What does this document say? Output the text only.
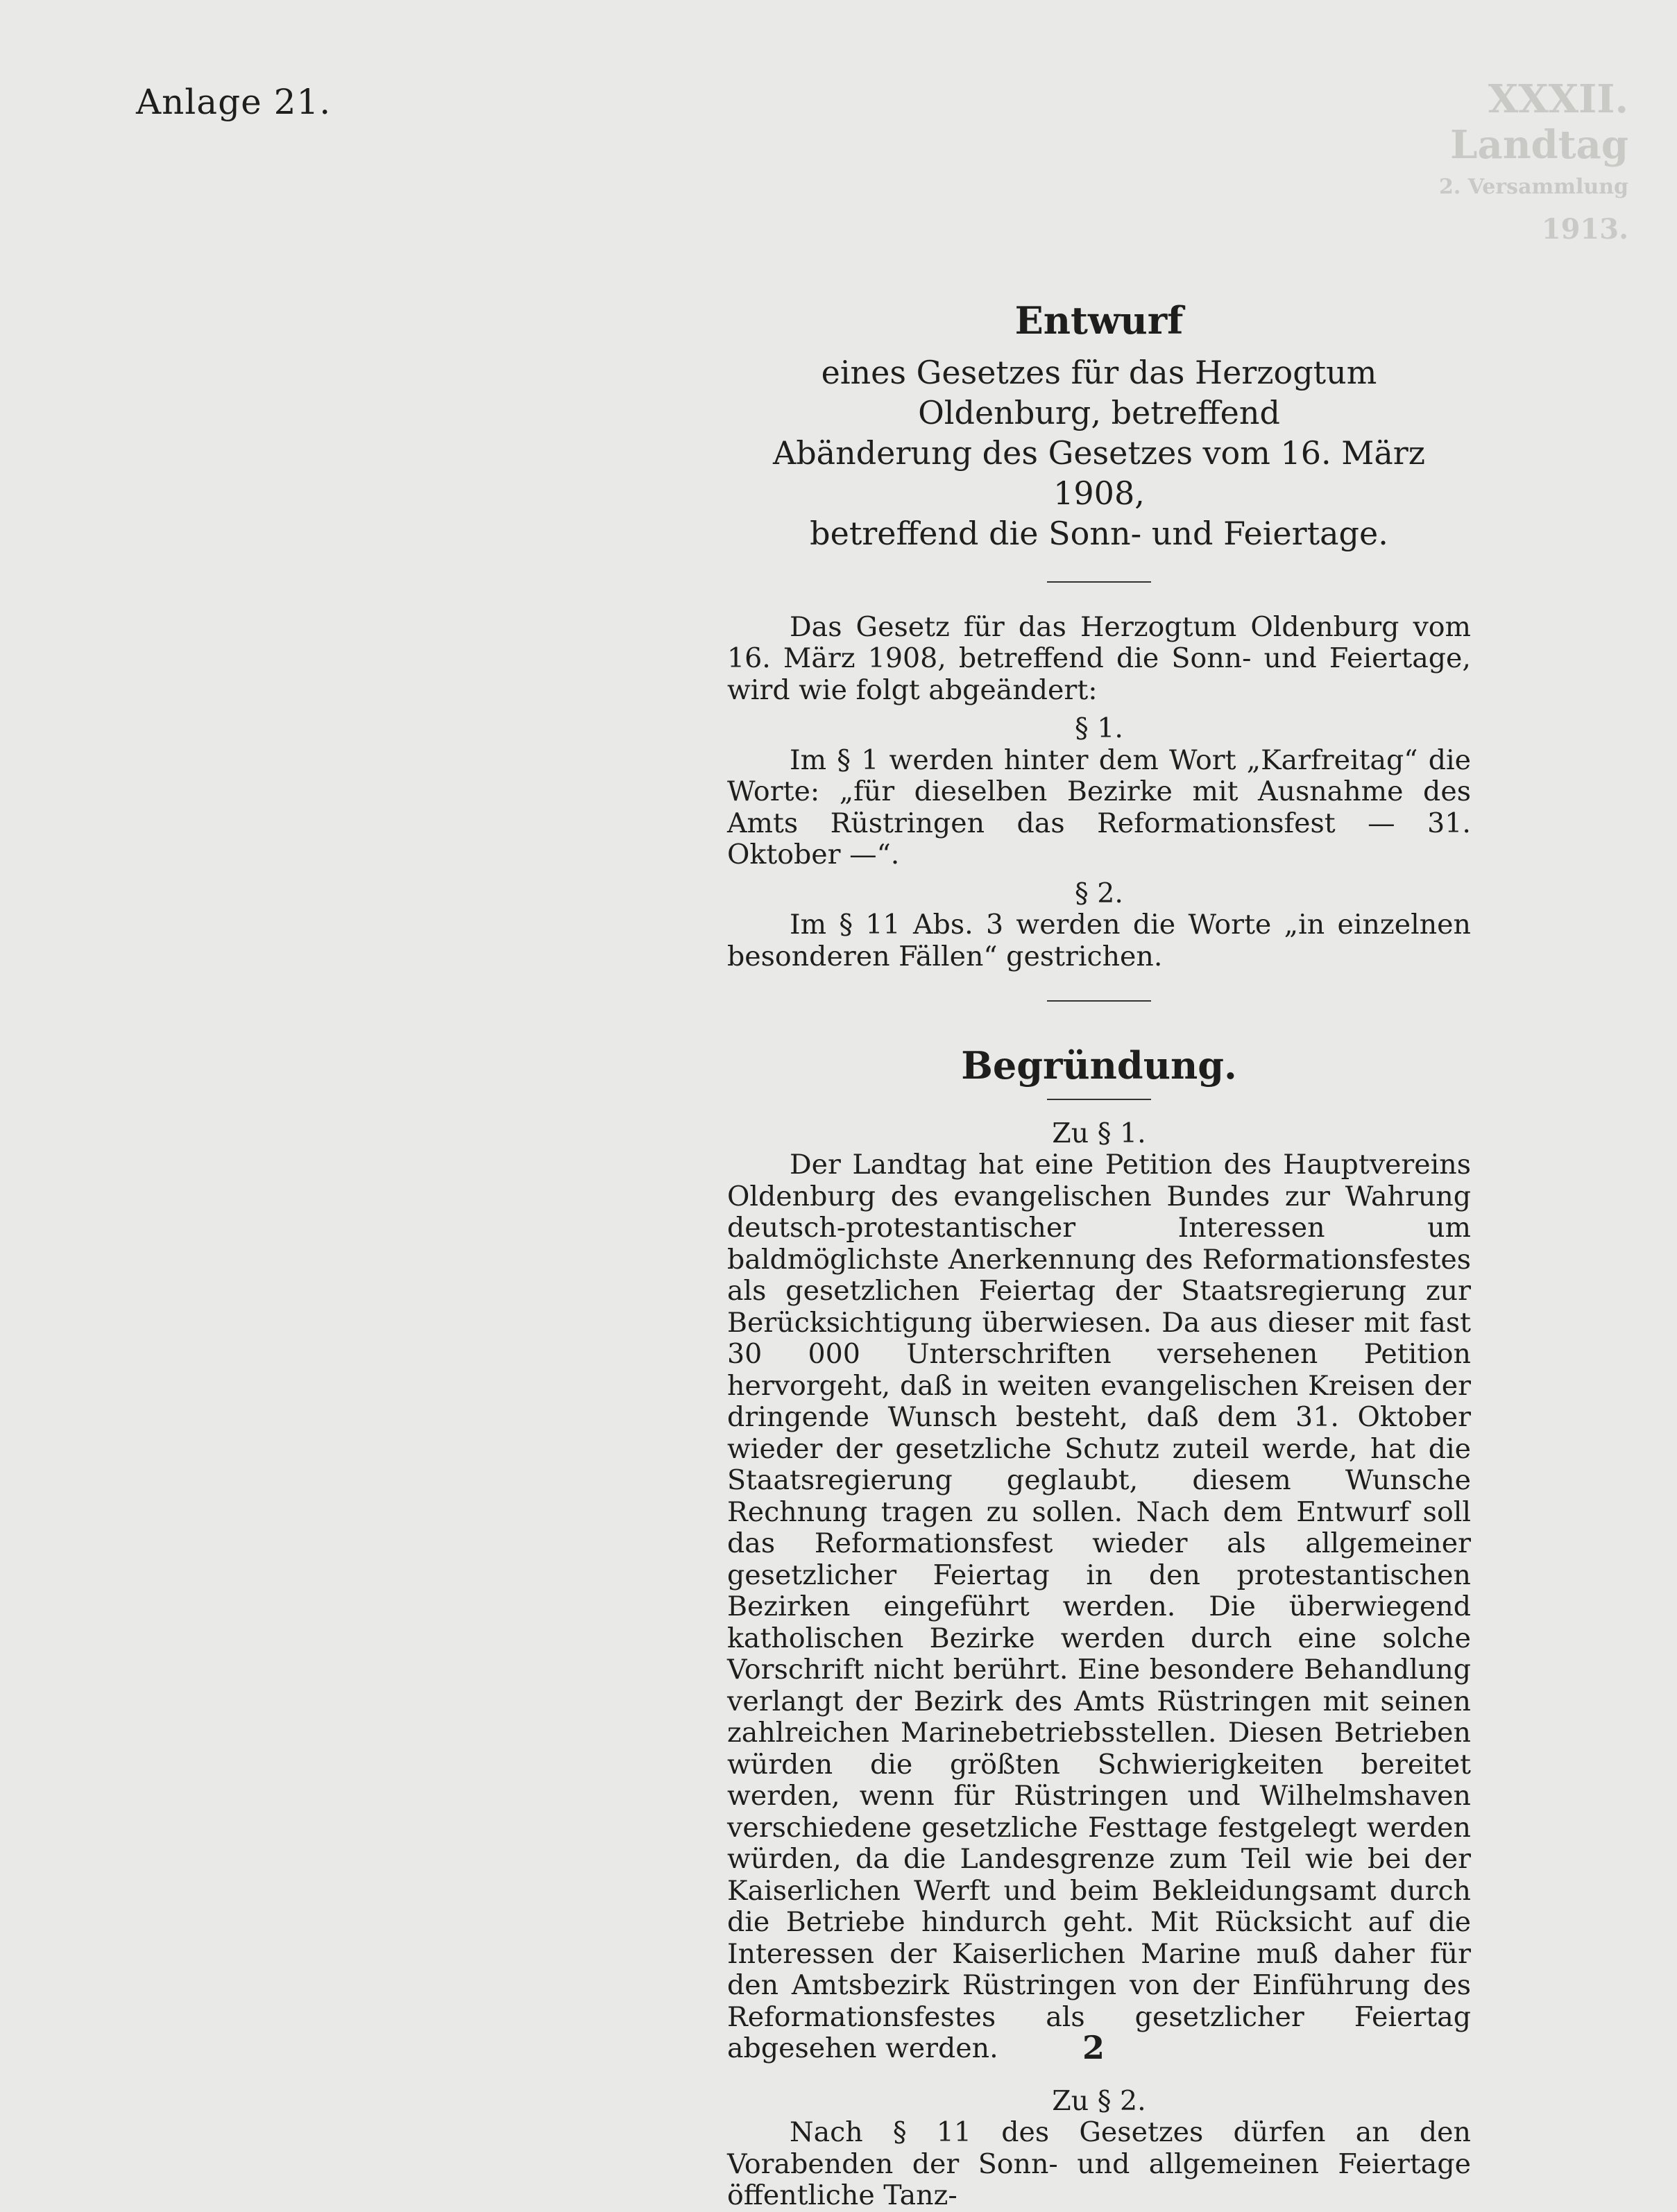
Anlage 21.	XXXII. Landtag
2. Versammlung
1913.
Entwurf
eines Gesetzes für das Herzogtum Oldenburg, betreffend
Abänderung des Gesetzes vom 16. März 1908,
betreffend die Sonn- und Feiertage.

Das Gesetz für das Herzogtum Oldenburg vom 16. März 1908, betreffend die Sonn- und Feiertage, wird wie folgt abgeändert:

§ 1.

Im § 1 werden hinter dem Wort „Karfreitag“ die Worte: „für dieselben Bezirke mit Ausnahme des Amts Rüstringen das Reformationsfest — 31. Oktober —“.

§ 2.

Im § 11 Abs. 3 werden die Worte „in einzelnen besonderen Fällen“ gestrichen.

Begründung.
Zu § 1.

Der Landtag hat eine Petition des Hauptvereins Oldenburg des evangelischen Bundes zur Wahrung deutsch-protestantischer Interessen um baldmöglichste Anerkennung des Reformationsfestes als gesetzlichen Feiertag der Staatsregierung zur Berücksichtigung überwiesen. Da aus dieser mit fast 30 000 Unterschriften versehenen Petition hervorgeht, daß in weiten evangelischen Kreisen der dringende Wunsch besteht, daß dem 31. Oktober wieder der gesetzliche Schutz zuteil werde, hat die Staatsregierung geglaubt, diesem Wunsche Rechnung tragen zu sollen. Nach dem Entwurf soll das Reformationsfest wieder als allgemeiner gesetzlicher Feiertag in den protestantischen Bezirken eingeführt werden. Die überwiegend katholischen Bezirke werden durch eine solche Vorschrift nicht berührt. Eine besondere Behandlung verlangt der Bezirk des Amts Rüstringen mit seinen zahlreichen Marinebetriebsstellen. Diesen Betrieben würden die größten Schwierigkeiten bereitet werden, wenn für Rüstringen und Wilhelmshaven verschiedene gesetzliche Festtage festgelegt werden würden, da die Landesgrenze zum Teil wie bei der Kaiserlichen Werft und beim Bekleidungsamt durch die Betriebe hindurch geht. Mit Rücksicht auf die Interessen der Kaiserlichen Marine muß daher für den Amtsbezirk Rüstringen von der Einführung des Reformationsfestes als gesetzlicher Feiertag abgesehen werden.

Zu § 2.

Nach § 11 des Gesetzes dürfen an den Vorabenden der Sonn- und allgemeinen Feiertage öffentliche Tanz-

2
